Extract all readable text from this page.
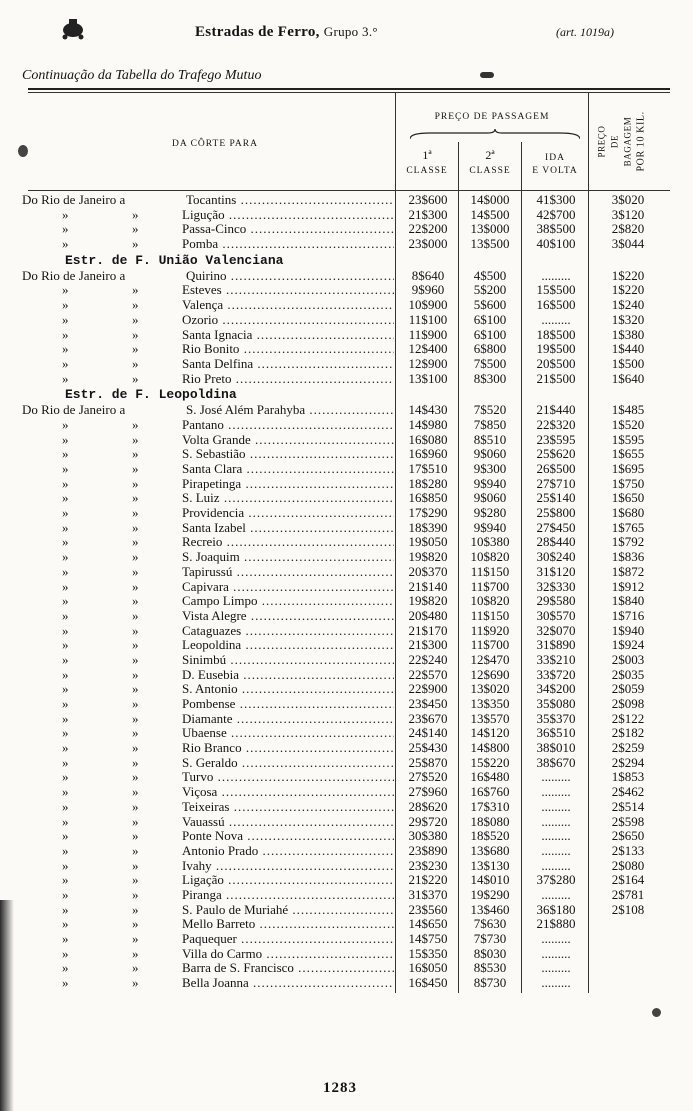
Estradas de Ferro, Grupo 3.°	(art. 1019a)
Continuação da Tabella do Trafego Mutuo
DA CÔRTE PARA
PREÇO DE PASSAGEM
1ª
CLASSE
2ª
CLASSE
IDA
E VOLTA
PREÇO DE BAGAGEM POR 10 KIL.
Do Rio de Janeiro a	Tocantins .....	23$600	14$000	41$300	3$020
»	»	Ligução .....	21$300	14$500	42$700	3$120
»	»	Passa-Cinco .....	22$200	13$000	38$500	2$820
»	»	Pomba .....	23$000	13$500	40$100	3$044
Estr. de F. União Valenciana
Do Rio de Janeiro a	Quirino .....	8$640	4$500	.........	1$220
»	»	Esteves .....	9$960	5$200	15$500	1$220
»	»	Valença .....	10$900	5$600	16$500	1$240
»	»	Ozorio .....	11$100	6$100	.........	1$320
»	»	Santa Ignacia .....	11$900	6$100	18$500	1$380
»	»	Rio Bonito .....	12$400	6$800	19$500	1$440
»	»	Santa Delfina .....	12$900	7$500	20$500	1$500
»	»	Rio Preto .....	13$100	8$300	21$500	1$640
Estr. de F. Leopoldina
Do Rio de Janeiro a	S. José Além Parahyba .....	14$430	7$520	21$440	1$485
»	»	Pantano .....	14$980	7$850	22$320	1$520
»	»	Volta Grande .....	16$080	8$510	23$595	1$595
»	»	S. Sebastião .....	16$960	9$060	25$620	1$655
»	»	Santa Clara .....	17$510	9$300	26$500	1$695
»	»	Pirapetinga .....	18$280	9$940	27$710	1$750
»	»	S. Luiz .....	16$850	9$060	25$140	1$650
»	»	Providencia .....	17$290	9$280	25$800	1$680
»	»	Santa Izabel .....	18$390	9$940	27$450	1$765
»	»	Recreio .....	19$050	10$380	28$440	1$792
»	»	S. Joaquim .....	19$820	10$820	30$240	1$836
»	»	Tapirussú .....	20$370	11$150	31$120	1$872
»	»	Capivara .....	21$140	11$700	32$330	1$912
»	»	Campo Limpo .....	19$820	10$820	29$580	1$840
»	»	Vista Alegre .....	20$480	11$150	30$570	1$716
»	»	Cataguazes .....	21$170	11$920	32$070	1$940
»	»	Leopoldina .....	21$300	11$700	31$890	1$924
»	»	Sinimbú .....	22$240	12$470	33$210	2$003
»	»	D. Eusebia .....	22$570	12$690	33$720	2$035
»	»	S. Antonio .....	22$900	13$020	34$200	2$059
»	»	Pombense .....	23$450	13$350	35$080	2$098
»	»	Diamante .....	23$670	13$570	35$370	2$122
»	»	Ubaense .....	24$140	14$120	36$510	2$182
»	»	Rio Branco .....	25$430	14$800	38$010	2$259
»	»	S. Geraldo .....	25$870	15$220	38$670	2$294
»	»	Turvo .....	27$520	16$480	.........	1$853
»	»	Viçosa .....	27$960	16$760	.........	2$462
»	»	Teixeiras .....	28$620	17$310	.........	2$514
»	»	Vauassú .....	29$720	18$080	.........	2$598
»	»	Ponte Nova .....	30$380	18$520	.........	2$650
»	»	Antonio Prado .....	23$890	13$680	.........	2$133
»	»	Ivahy .....	23$230	13$130	.........	2$080
»	»	Ligação .....	21$220	14$010	37$280	2$164
»	»	Piranga .....	31$370	19$290	.........	2$781
»	»	S. Paulo de Muriahé .....	23$560	13$460	36$180	2$108
»	»	Mello Barreto .....	14$650	7$630	21$880
»	»	Paquequer .....	14$750	7$730	.........
»	»	Villa do Carmo .....	15$350	8$030	.........
»	»	Barra de S. Francisco .....	16$050	8$530	.........
»	»	Bella Joanna .....	16$450	8$730	.........
1283
